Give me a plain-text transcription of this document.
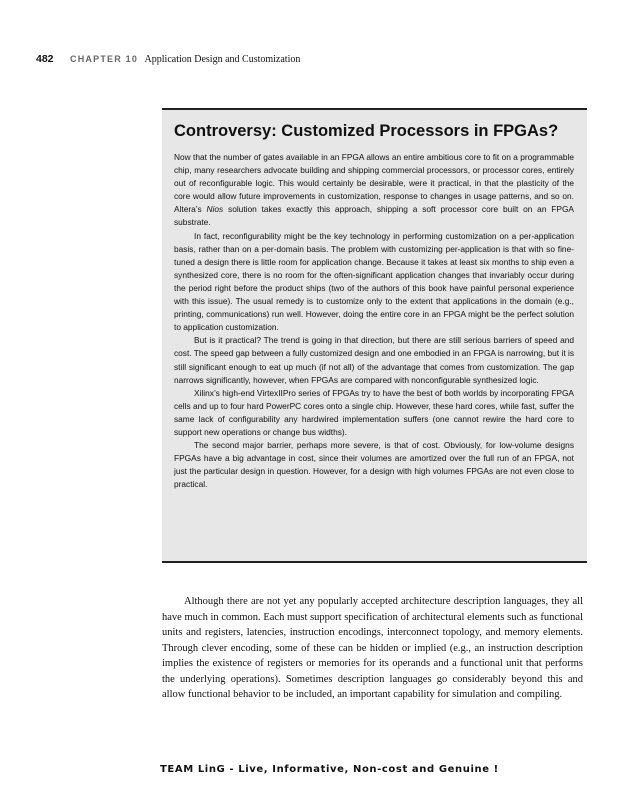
482 CHAPTER 10 Application Design and Customization
Controversy: Customized Processors in FPGAs?

Now that the number of gates available in an FPGA allows an entire ambitious core to fit on a programmable chip, many researchers advocate building and shipping commercial processors, or processor cores, entirely out of reconfigurable logic. This would certainly be desirable, were it practical, in that the plasticity of the core would allow future improvements in customization, response to changes in usage patterns, and so on. Altera’s Nios solution takes exactly this approach, shipping a soft processor core built on an FPGA substrate.

In fact, reconfigurability might be the key technology in performing customization on a per-application basis, rather than on a per-domain basis. The problem with customizing per-application is that with so fine-tuned a design there is little room for application change. Because it takes at least six months to ship even a synthesized core, there is no room for the often-significant application changes that invariably occur during the period right before the product ships (two of the authors of this book have painful personal experience with this issue). The usual remedy is to customize only to the extent that applications in the domain (e.g., printing, communications) run well. However, doing the entire core in an FPGA might be the perfect solution to application customization.

But is it practical? The trend is going in that direction, but there are still serious barriers of speed and cost. The speed gap between a fully customized design and one embodied in an FPGA is narrowing, but it is still significant enough to eat up much (if not all) of the advantage that comes from customization. The gap narrows significantly, however, when FPGAs are compared with nonconfigurable synthesized logic.

Xilinx’s high-end VirtexIIPro series of FPGAs try to have the best of both worlds by incorporating FPGA cells and up to four hard PowerPC cores onto a single chip. However, these hard cores, while fast, suffer the same lack of configurability any hardwired implementation suffers (one cannot rewire the hard core to support new operations or change bus widths).

The second major barrier, perhaps more severe, is that of cost. Obviously, for low-volume designs FPGAs have a big advantage in cost, since their volumes are amortized over the full run of an FPGA, not just the particular design in question. However, for a design with high volumes FPGAs are not even close to practical.

Although there are not yet any popularly accepted architecture description languages, they all have much in common. Each must support specification of architectural elements such as functional units and registers, latencies, instruction encodings, interconnect topology, and memory elements. Through clever encoding, some of these can be hidden or implied (e.g., an instruction description implies the existence of registers or memories for its operands and a functional unit that performs the underlying operations). Sometimes description languages go considerably beyond this and allow functional behavior to be included, an important capability for simulation and compiling.

TEAM LinG - Live, Informative, Non-cost and Genuine !
